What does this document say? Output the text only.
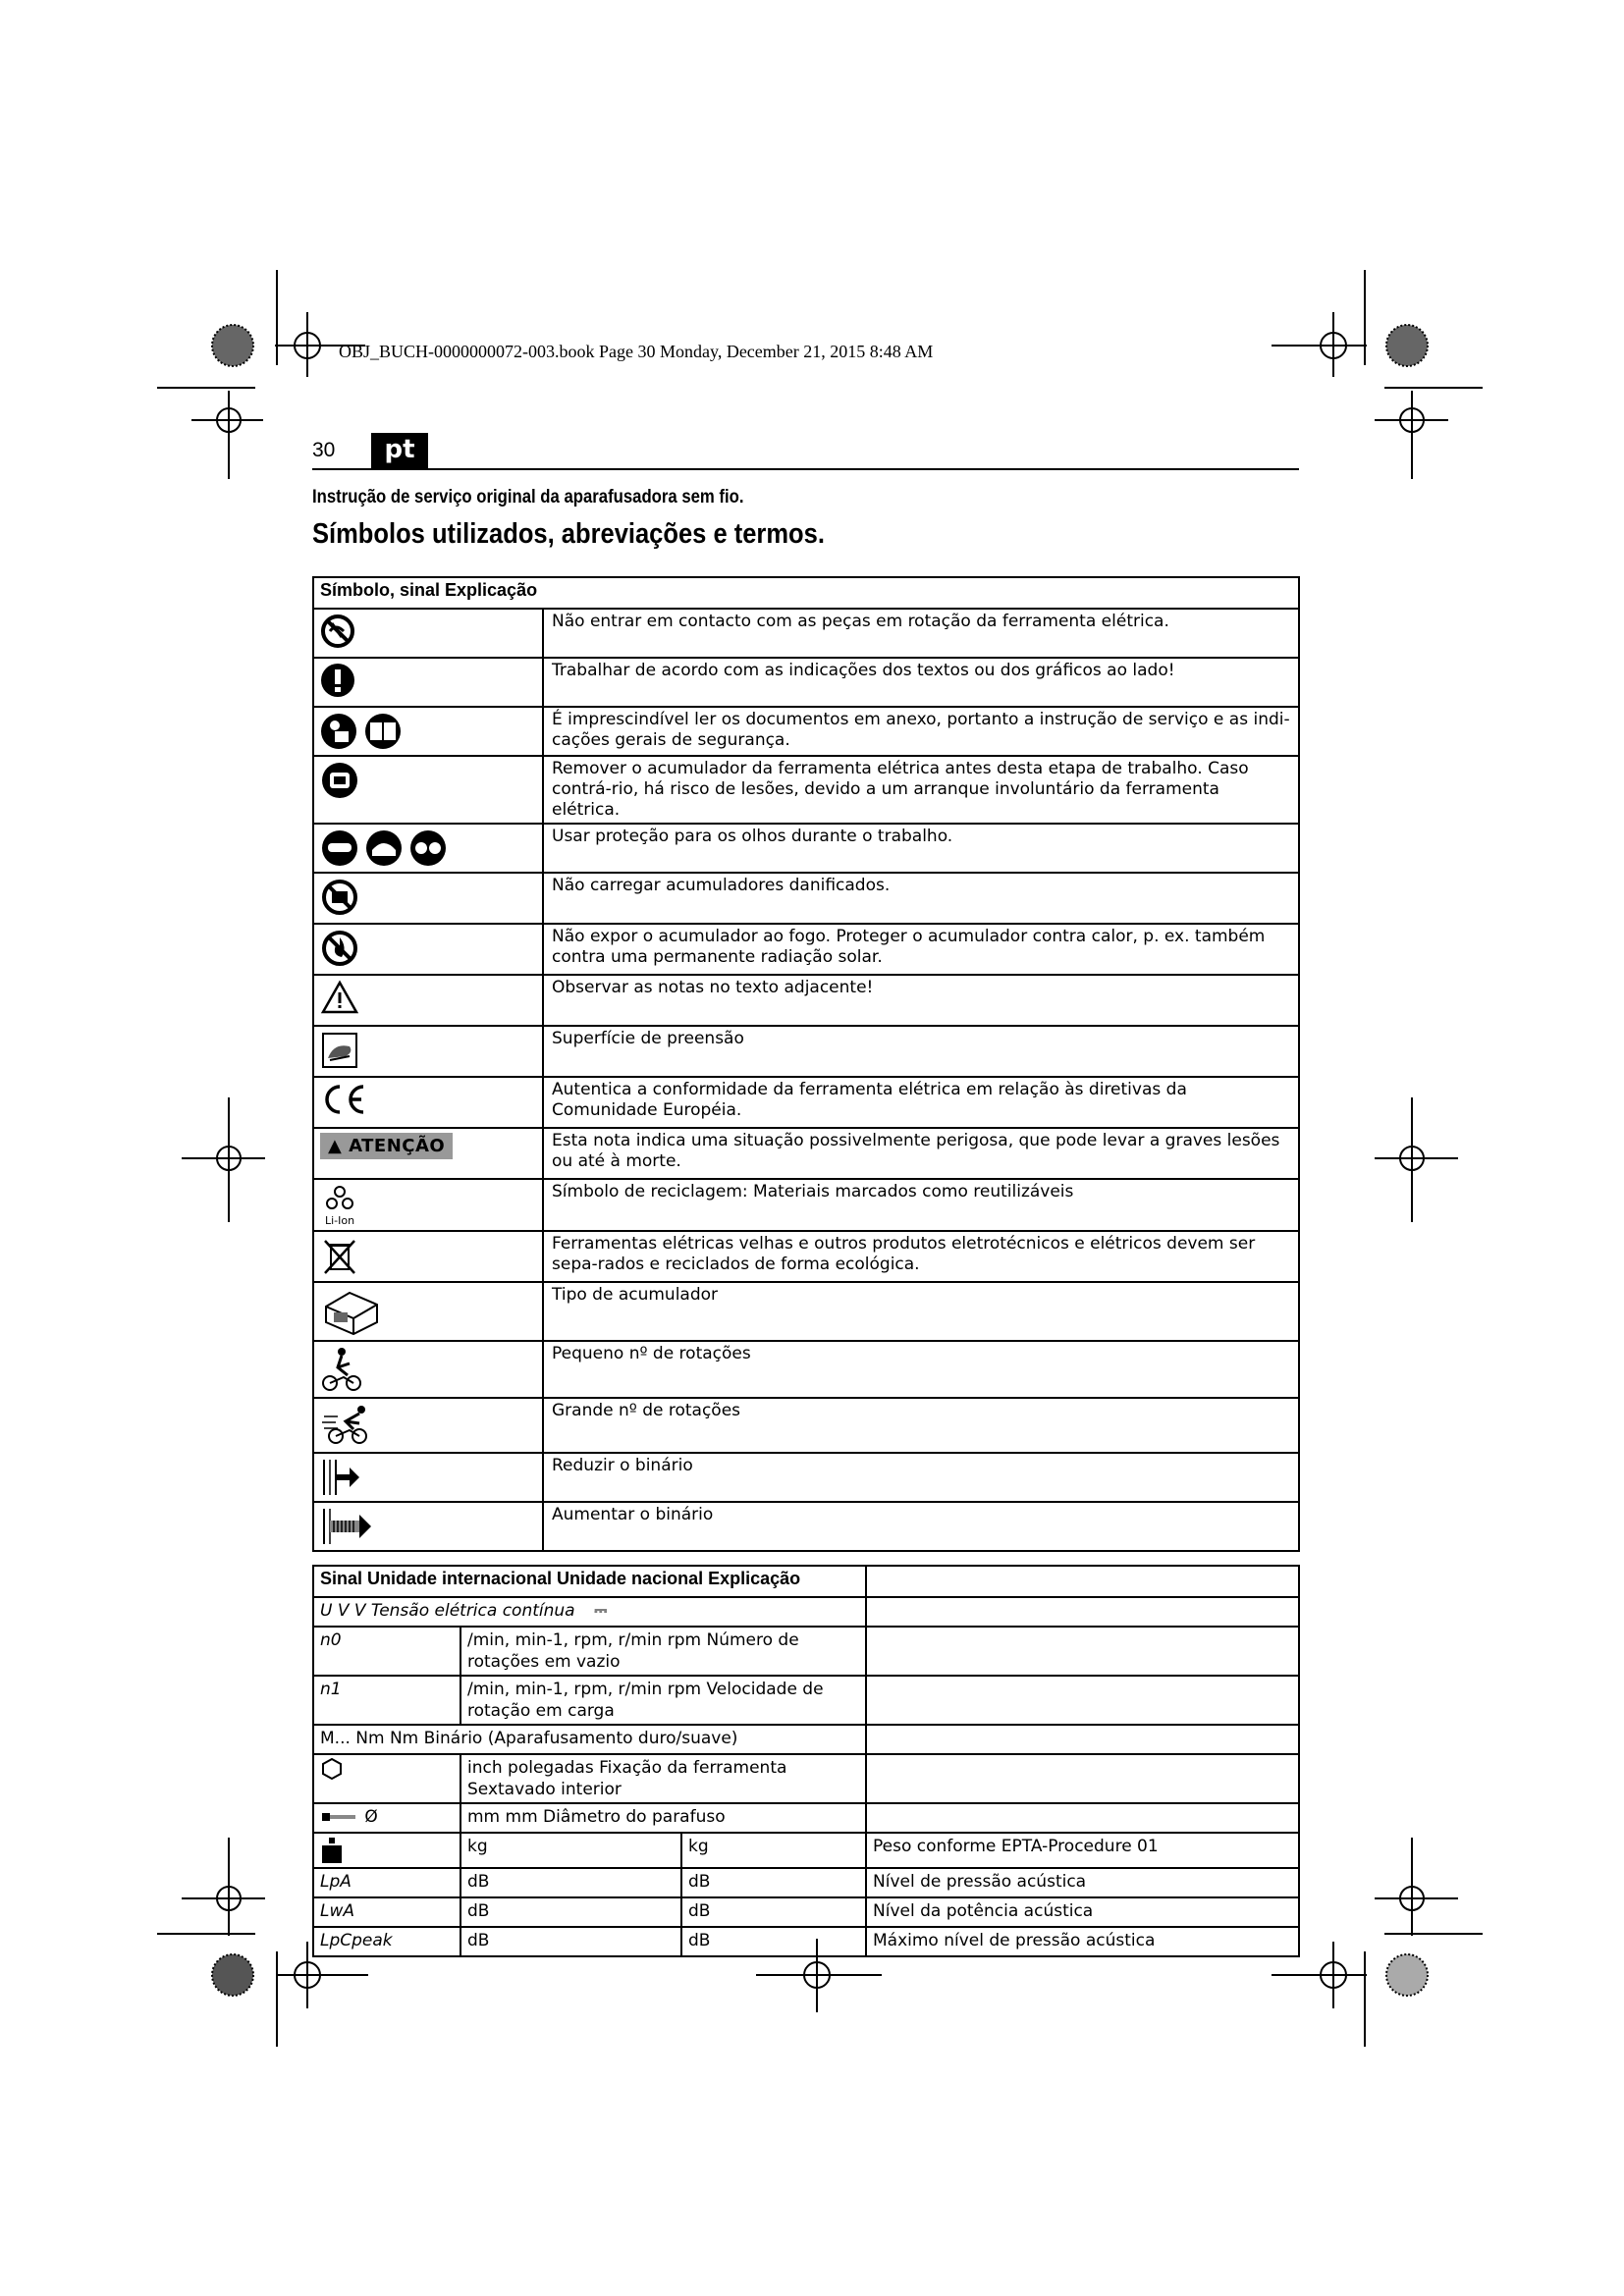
OBJ_BUCH-0000000072-003.book Page 30 Monday, December 21, 2015 8:48 AM
30	pt
Instrução de serviço original da aparafusadora sem fio.
Símbolos utilizados, abreviações e termos.
Símbolo, sinal Explicação	
	Não entrar em contacto com as peças em rotação da ferramenta elétrica.
	Trabalhar de acordo com as indicações dos textos ou dos gráficos ao lado!
	É imprescindível ler os documentos em anexo, portanto a instrução de serviço e as indi-cações gerais de segurança.
	Remover o acumulador da ferramenta elétrica antes desta etapa de trabalho. Caso contrá-rio, há risco de lesões, devido a um arranque involuntário da ferramenta elétrica.
	Usar proteção para os olhos durante o trabalho.
	Não carregar acumuladores danificados.
	Não expor o acumulador ao fogo. Proteger o acumulador contra calor, p. ex. também contra uma permanente radiação solar.
	Observar as notas no texto adjacente!
	Superfície de preensão
	Autentica a conformidade da ferramenta elétrica em relação às diretivas da Comunidade Européia.
▲ ATENÇÃO	Esta nota indica uma situação possivelmente perigosa, que pode levar a graves lesões ou até à morte.

Li-Ion	Símbolo de reciclagem: Materiais marcados como reutilizáveis
	Ferramentas elétricas velhas e outros produtos eletrotécnicos e elétricos devem ser sepa-rados e reciclados de forma ecológica.
	Tipo de acumulador
	Pequeno nº de rotações
	Grande nº de rotações
	Reduzir o binário
	Aumentar o binário
Sinal Unidade internacional Unidade nacional Explicação			
U V V Tensão elétrica contínua ⎓			
n0	/min, min-1, rpm, r/min rpm Número de rotações em vazio		
n1	/min, min-1, rpm, r/min rpm Velocidade de rotação em carga		
M... Nm Nm Binário (Aparafusamento duro/suave)			
	inch polegadas Fixação da ferramenta Sextavado interior		
Ø	mm mm Diâmetro do parafuso		
	kg	kg	Peso conforme EPTA-Procedure 01
LpA	dB	dB	Nível de pressão acústica
LwA	dB	dB	Nível da potência acústica
LpCpeak	dB	dB	Máximo nível de pressão acústica
